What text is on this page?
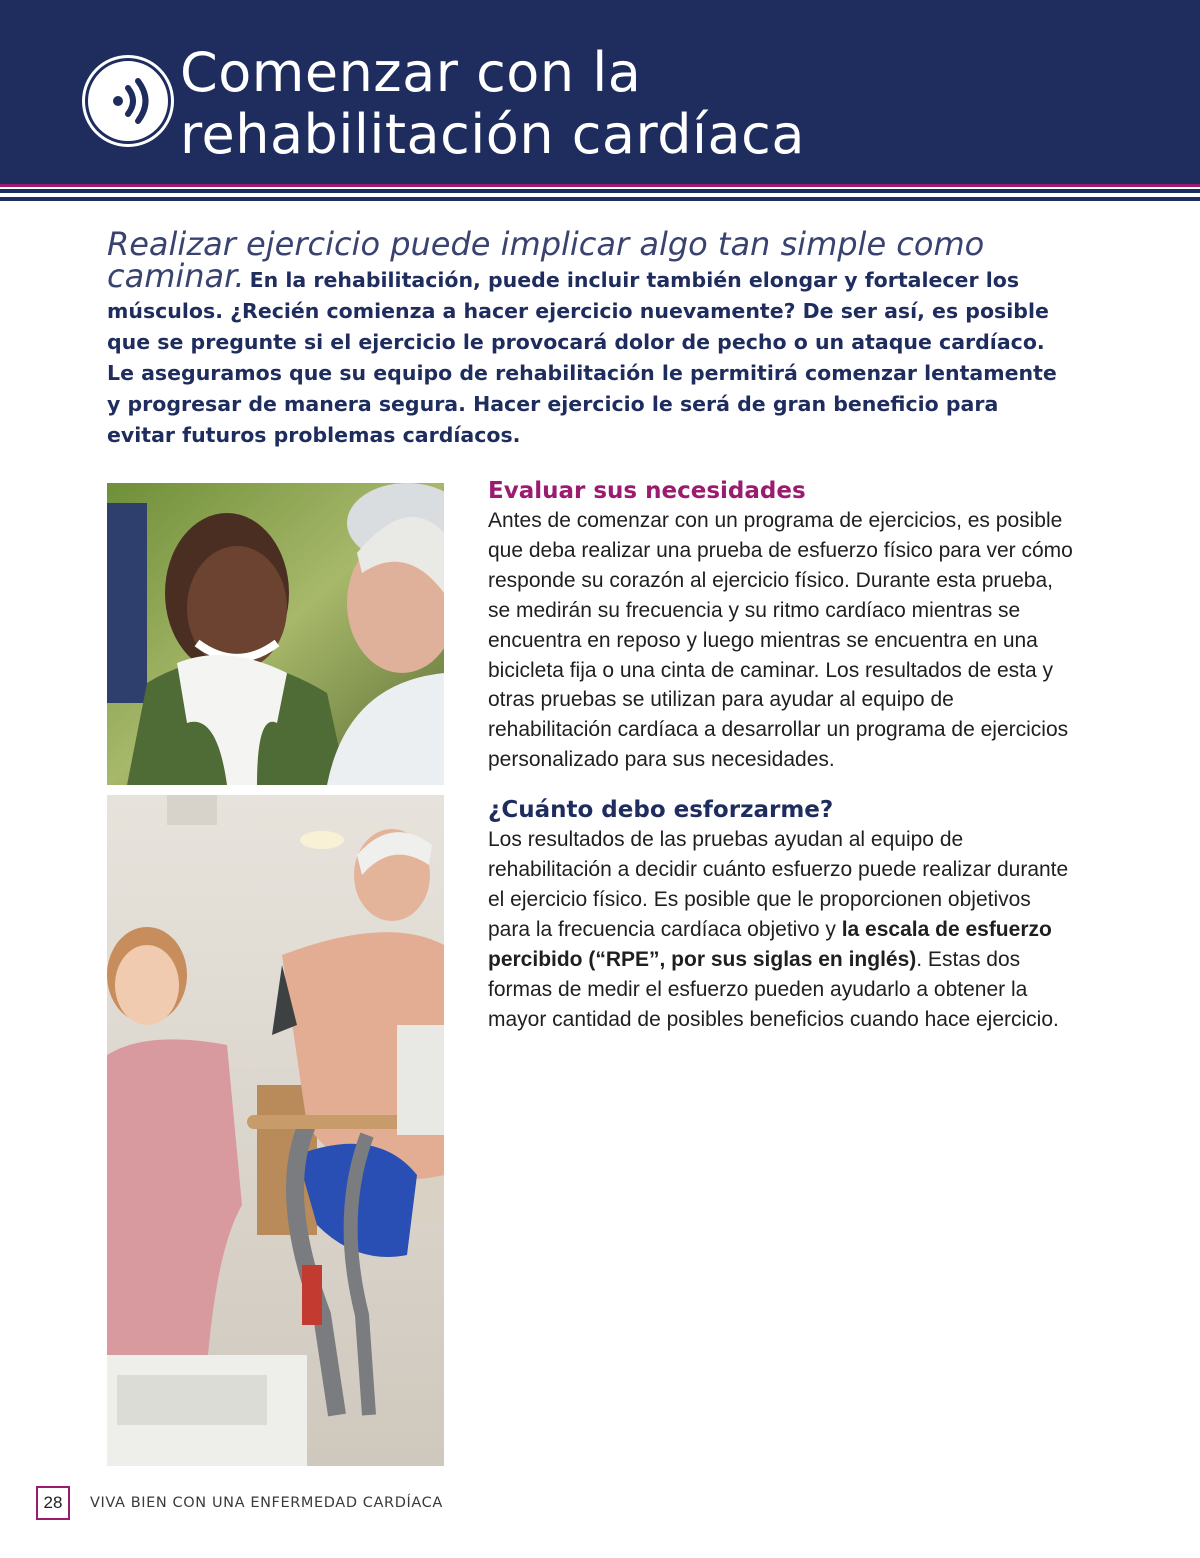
Comenzar con la
rehabilitación cardíaca

Realizar ejercicio puede implicar algo tan simple como caminar. En la rehabilitación, puede incluir también elongar y fortalecer los músculos. ¿Recién comienza a hacer ejercicio nuevamente? De ser así, es posible que se pregunte si el ejercicio le provocará dolor de pecho o un ataque cardíaco. Le aseguramos que su equipo de rehabilitación le permitirá comenzar lentamente y progresar de manera segura. Hacer ejercicio le será de gran beneficio para evitar futuros problemas cardíacos.

Evaluar sus necesidades

Antes de comenzar con un programa de ejercicios, es posible que deba realizar una prueba de esfuerzo físico para ver cómo responde su corazón al ejercicio físico. Durante esta prueba, se medirán su frecuencia y su ritmo cardíaco mientras se encuentra en reposo y luego mientras se encuentra en una bicicleta fija o una cinta de caminar. Los resultados de esta y otras pruebas se utilizan para ayudar al equipo de rehabilitación cardíaca a desarrollar un programa de ejercicios personalizado para sus necesidades.

¿Cuánto debo esforzarme?

Los resultados de las pruebas ayudan al equipo de rehabilitación a decidir cuánto esfuerzo puede realizar durante el ejercicio físico. Es posible que le proporcionen objetivos para la frecuencia cardíaca objetivo y la escala de esfuerzo percibido (“RPE”, por sus siglas en inglés). Estas dos formas de medir el esfuerzo pueden ayudarlo a obtener la mayor cantidad de posibles beneficios cuando hace ejercicio.

28	VIVA BIEN CON UNA ENFERMEDAD CARDÍACA
